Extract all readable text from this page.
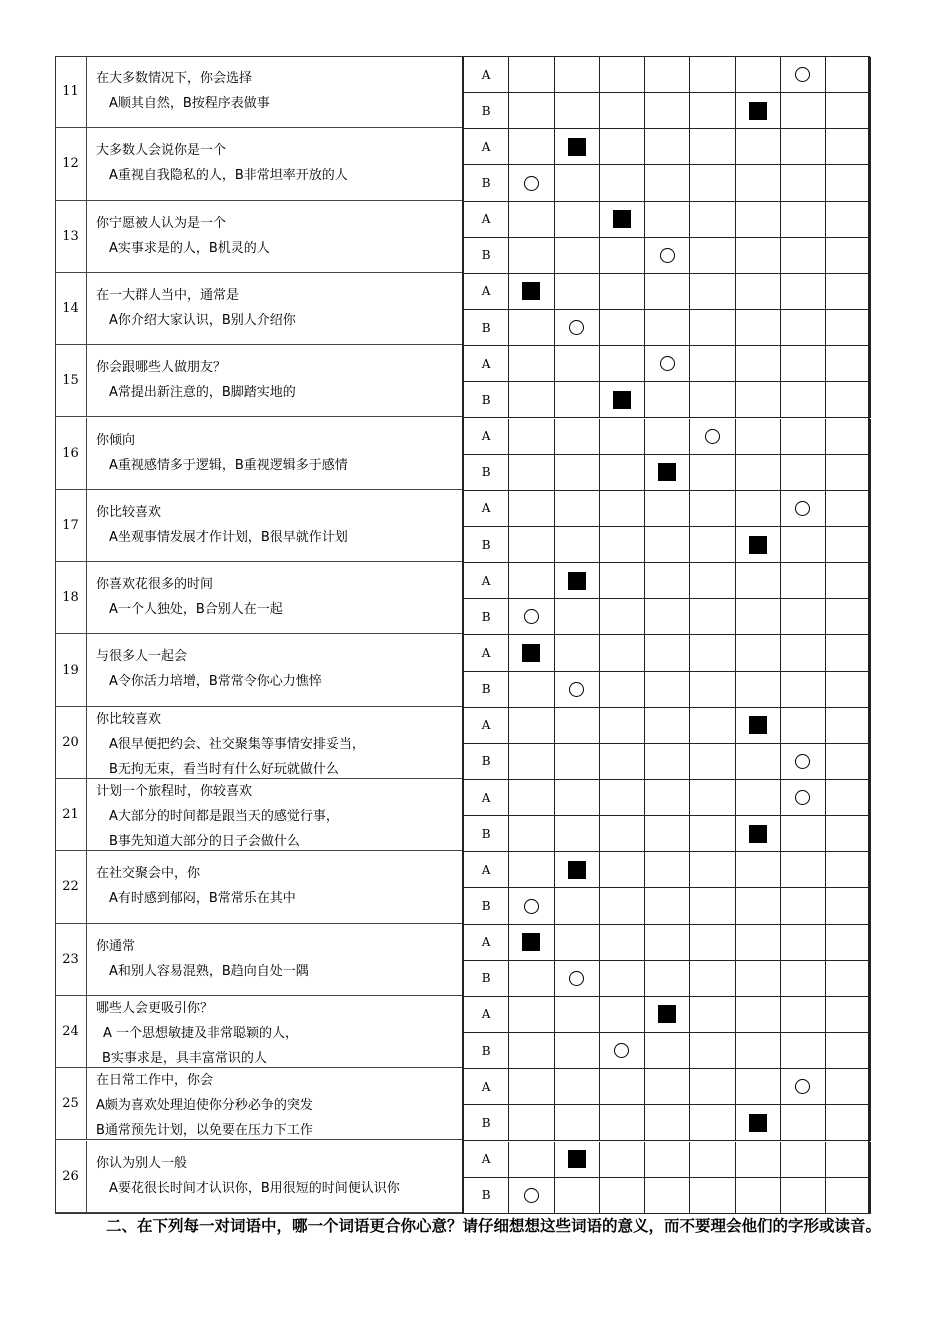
11
在大多数情况下，你会选择
A顺其自然，B按程序表做事
A
B
12
大多数人会说你是一个
A重视自我隐私的人，B非常坦率开放的人
A
B
13
你宁愿被人认为是一个
A实事求是的人，B机灵的人
A
B
14
在一大群人当中，通常是
A你介绍大家认识，B别人介绍你
A
B
15
你会跟哪些人做朋友？
A常提出新注意的，B脚踏实地的
A
B
16
你倾向
A重视感情多于逻辑，B重视逻辑多于感情
A
B
17
你比较喜欢
A坐观事情发展才作计划，B很早就作计划
A
B
18
你喜欢花很多的时间
A一个人独处，B合别人在一起
A
B
19
与很多人一起会
A令你活力培增，B常常令你心力憔悴
A
B
20
你比较喜欢
A很早便把约会、社交聚集等事情安排妥当，
B无拘无束，看当时有什么好玩就做什么
A
B
21
计划一个旅程时，你较喜欢
A大部分的时间都是跟当天的感觉行事，
B事先知道大部分的日子会做什么
A
B
22
在社交聚会中，你
A有时感到郁闷，B常常乐在其中
A
B
23
你通常
A和别人容易混熟，B趋向自处一隅
A
B
24
哪些人会更吸引你？
A 一个思想敏捷及非常聪颖的人，
B实事求是，具丰富常识的人
A
B
25
在日常工作中，你会
A颇为喜欢处理迫使你分秒必争的突发
B通常预先计划，以免要在压力下工作
A
B
26
你认为别人一般
A要花很长时间才认识你，B用很短的时间便认识你
A
B
二、在下列每一对词语中，哪一个词语更合你心意？请仔细想想这些词语的意义，而不要理会他们的字形或读音。
